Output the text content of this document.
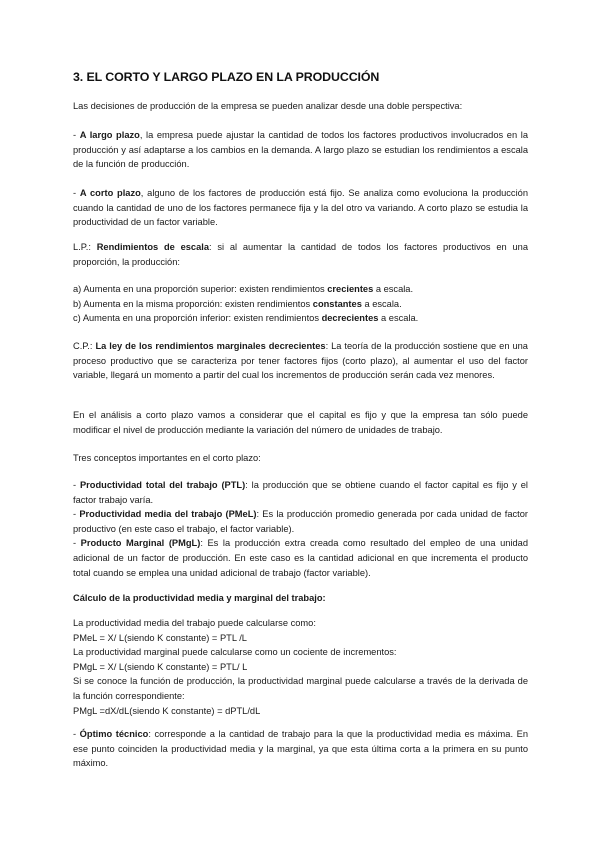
3. EL CORTO Y LARGO PLAZO EN LA PRODUCCIÓN

Las decisiones de producción de la empresa se pueden analizar desde una doble perspectiva:

- A largo plazo, la empresa puede ajustar la cantidad de todos los factores productivos involucrados en la producción y así adaptarse a los cambios en la demanda. A largo plazo se estudian los rendimientos a escala de la función de producción.

- A corto plazo, alguno de los factores de producción está fijo. Se analiza como evoluciona la producción cuando la cantidad de uno de los factores permanece fija y la del otro va variando. A corto plazo se estudia la productividad de un factor variable.

L.P.: Rendimientos de escala: si al aumentar la cantidad de todos los factores productivos en una proporción, la producción:

a) Aumenta en una proporción superior: existen rendimientos crecientes a escala.
b) Aumenta en la misma proporción: existen rendimientos constantes a escala.
c) Aumenta en una proporción inferior: existen rendimientos decrecientes a escala.

C.P.: La ley de los rendimientos marginales decrecientes: La teoría de la producción sostiene que en una proceso productivo que se caracteriza por tener factores fijos (corto plazo), al aumentar el uso del factor variable, llegará un momento a partir del cual los incrementos de producción serán cada vez menores.

En el análisis a corto plazo vamos a considerar que el capital es fijo y que la empresa tan sólo puede modificar el nivel de producción mediante la variación del número de unidades de trabajo.

Tres conceptos importantes en el corto plazo:

- Productividad total del trabajo (PTL): la producción que se obtiene cuando el factor capital es fijo y el factor trabajo varía.
- Productividad media del trabajo (PMeL): Es la producción promedio generada por cada unidad de factor productivo (en este caso el trabajo, el factor variable).
- Producto Marginal (PMgL): Es la producción extra creada como resultado del empleo de una unidad adicional de un factor de producción. En este caso es la cantidad adicional en que incrementa el producto total cuando se emplea una unidad adicional de trabajo (factor variable).

Cálculo de la productividad media y marginal del trabajo:

La productividad media del trabajo puede calcularse como:
PMeL = X/ L(siendo K constante) = PTL /L
La productividad marginal puede calcularse como un cociente de incrementos:
PMgL = X/ L(siendo K constante) = PTL/ L
Si se conoce la función de producción, la productividad marginal puede calcularse a través de la derivada de la función correspondiente:
PMgL =dX/dL(siendo K constante) = dPTL/dL

- Óptimo técnico: corresponde a la cantidad de trabajo para la que la productividad media es máxima. En ese punto coinciden la productividad media y la marginal, ya que esta última corta a la primera en su punto máximo.
